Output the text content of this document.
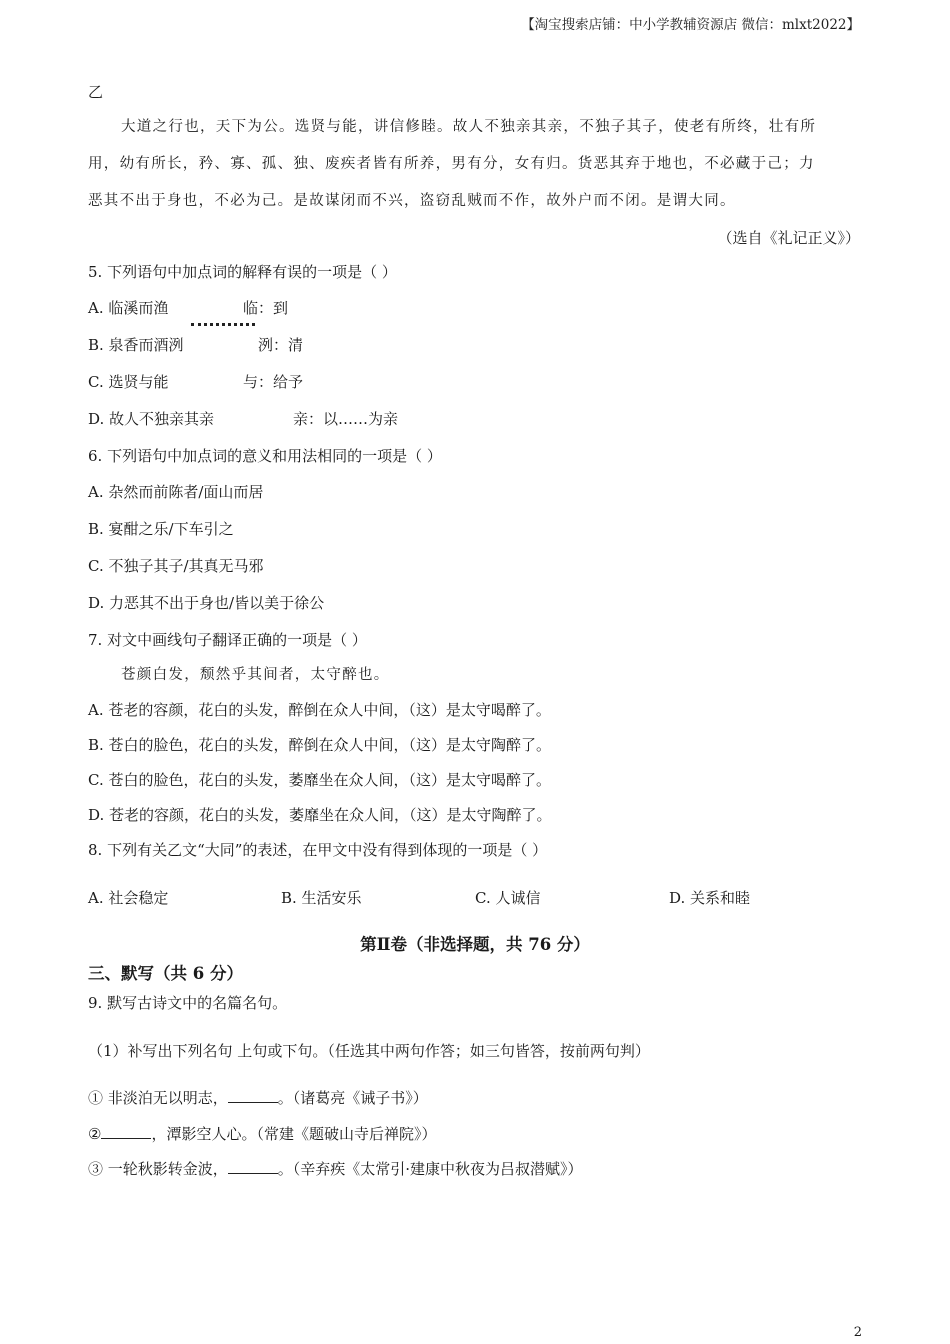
【淘宝搜索店铺：中小学教辅资源店 微信：mlxt2022】
乙
大道之行也，天下为公。选贤与能，讲信修睦。故人不独亲其亲，不独子其子，使老有所终，壮有所
用，幼有所长，矜、寡、孤、独、废疾者皆有所养，男有分，女有归。货恶其弃于地也，不必藏于己；力
恶其不出于身也，不必为己。是故谋闭而不兴，盗窃乱贼而不作，故外户而不闭。是谓大同。
（选自《礼记正义》）
5. 下列语句中加点词的解释有误的一项是（ ）
A. 临溪而渔	临：到
B. 泉香而酒洌	洌：清
C. 选贤与能	与：给予
D. 故人不独亲其亲	亲：以……为亲
6. 下列语句中加点词的意义和用法相同的一项是（ ）
A. 杂然而前陈者/面山而居
B. 宴酣之乐/下车引之
C. 不独子其子/其真无马邪
D. 力恶其不出于身也/皆以美于徐公
7. 对文中画线句子翻译正确的一项是（ ）
苍颜白发，颓然乎其间者，太守醉也。
A. 苍老的容颜，花白的头发，醉倒在众人中间，（这）是太守喝醉了。
B. 苍白的脸色，花白的头发，醉倒在众人中间，（这）是太守陶醉了。
C. 苍白的脸色，花白的头发，萎靡坐在众人间，（这）是太守喝醉了。
D. 苍老的容颜，花白的头发，萎靡坐在众人间，（这）是太守陶醉了。
8. 下列有关乙文“大同”的表述，在甲文中没有得到体现的一项是（ ）
A. 社会稳定	B. 生活安乐	C. 人诚信	D. 关系和睦
第Ⅱ卷（非选择题，共 76 分）
三、默写（共 6 分）
9. 默写古诗文中的名篇名句。
（1）补写出下列名句 上句或下句。（任选其中两句作答；如三句皆答，按前两句判）
① 非淡泊无以明志，	。（诸葛亮《诫子书》）
②	，潭影空人心。（常建《题破山寺后禅院》）
③ 一轮秋影转金波，	。（辛弃疾《太常引·建康中秋夜为吕叔潜赋》）
2
